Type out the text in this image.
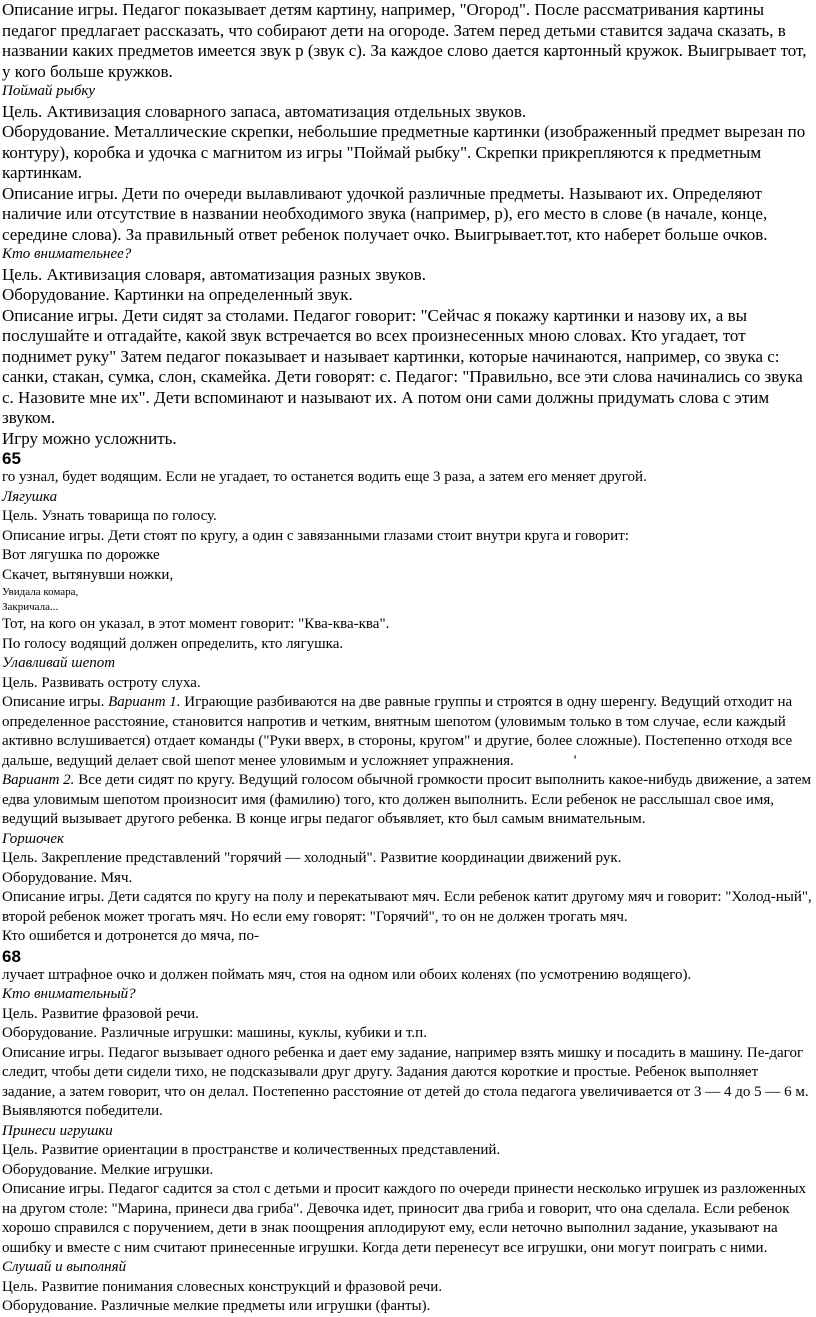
Описание игры. Педагог показывает детям картину, например, "Огород". После рассматривания картины педагог предлагает рассказать, что собирают дети на огороде. Затем перед детьми ставится задача сказать, в названии каких предметов имеется звук р (звук с). За каждое слово дается картонный кружок. Выигрывает тот, у кого больше кружков.

Поймай рыбку

Цель. Активизация словарного запаса, автоматизация отдельных звуков.

Оборудование. Металлические скрепки, небольшие предметные картинки (изображенный предмет вырезан по контуру), коробка и удочка с магнитом из игры "Поймай рыбку". Скрепки прикрепляются к предметным картинкам.

Описание игры. Дети по очереди вылавливают удочкой различные предметы. Называют их. Определяют наличие или отсутствие в названии необходимого звука (например, р), его место в слове (в начале, конце, середине слова). За правильный ответ ребенок получает очко. Выигрывает.тот, кто наберет больше очков.

Кто внимательнее?

Цель. Активизация словаря, автоматизация разных звуков.

Оборудование. Картинки на определенный звук.

Описание игры. Дети сидят за столами. Педагог говорит: "Сейчас я покажу картинки и назову их, а вы послушайте и отгадайте, какой звук встречается во всех произнесенных мною словах. Кто угадает, тот поднимет руку" Затем педагог показывает и называет картинки, которые начинаются, например, со звука с: санки, стакан, сумка, слон, скамейка. Дети говорят: с. Педагог: "Правильно, все эти слова начинались со звука с. Назовите мне их". Дети вспоминают и называют их. А потом они сами должны придумать слова с этим звуком.

Игру можно усложнить.

65

го узнал, будет водящим. Если не угадает, то останется водить еще 3 раза, а затем его меняет другой.

Лягушка

Цель. Узнать товарища по голосу.

Описание игры. Дети стоят по кругу, а один с завязанными глазами стоит внутри круга и говорит:

Вот лягушка по дорожке

Скачет, вытянувши ножки,

Увидала комара,

Закричала...

Тот, на кого он указал, в этот момент говорит: "Ква-ква-ква".

По голосу водящий должен определить, кто лягушка.

Улавливай шепот

Цель. Развивать остроту слуха.

Описание игры. Вариант 1. Играющие разбиваются на две равные группы и строятся в одну шеренгу. Ведущий отходит на определенное расстояние, становится напротив и четким, внятным шепотом (уловимым только в том случае, если каждый активно вслушивается) отдает команды ("Руки вверх, в стороны, кругом" и другие, более сложные). Постепенно отходя все дальше, ведущий делает свой шепот менее уловимым и усложняет упражнения.	'

Вариант 2. Все дети сидят по кругу. Ведущий голосом обычной громкости просит выполнить какое-нибудь движение, а затем едва уловимым шепотом произносит имя (фамилию) того, кто должен выполнить. Если ребенок не расслышал свое имя, ведущий вызывает другого ребенка. В конце игры педагог объявляет, кто был самым внимательным.

Горшочек

Цель. Закрепление представлений "горячий — холодный". Развитие координации движений рук.

Оборудование. Мяч.

Описание игры. Дети садятся по кругу на полу и перекатывают мяч. Если ребенок катит другому мяч и говорит: "Холод-ный", второй ребенок может трогать мяч. Но если ему говорят: "Горячий", то он не должен трогать мяч.

Кто ошибется и дотронется до мяча, по-

68

лучает штрафное очко и должен поймать мяч, стоя на одном или обоих коленях (по усмотрению водящего).

Кто внимательный?

Цель. Развитие фразовой речи.

Оборудование. Различные игрушки: машины, куклы, кубики и т.п.

Описание игры. Педагог вызывает одного ребенка и дает ему задание, например взять мишку и посадить в машину. Пе-дагог следит, чтобы дети сидели тихо, не подсказывали друг другу. Задания даются короткие и простые. Ребенок выполняет задание, а затем говорит, что он делал. Постепенно расстояние от детей до стола педагога увеличивается от 3 — 4 до 5 — 6 м. Выявляются победители.

Принеси игрушки

Цель. Развитие ориентации в пространстве и количественных представлений.

Оборудование. Мелкие игрушки.

Описание игры. Педагог садится за стол с детьми и просит каждого по очереди принести несколько игрушек из разложенных на другом столе: "Марина, принеси два гриба". Девочка идет, приносит два гриба и говорит, что она сделала. Если ребенок хорошо справился с поручением, дети в знак поощрения аплодируют ему, если неточно выполнил задание, указывают на ошибку и вместе с ним считают принесенные игрушки. Когда дети перенесут все игрушки, они могут поиграть с ними.

Слушай и выполняй

Цель. Развитие понимания словесных конструкций и фразовой речи.

Оборудование. Различные мелкие предметы или игрушки (фанты).
